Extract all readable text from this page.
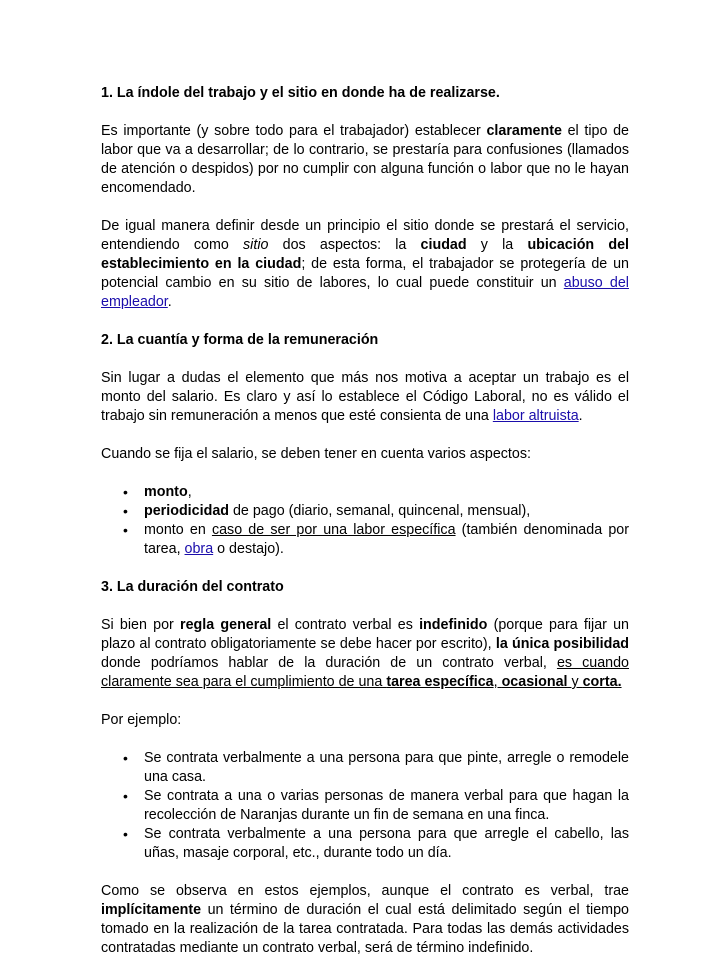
1. La índole del trabajo y el sitio en donde ha de realizarse.

Es importante (y sobre todo para el trabajador) establecer claramente el tipo de labor que va a desarrollar; de lo contrario, se prestaría para confusiones (llamados de atención o despidos) por no cumplir con alguna función o labor que no le hayan encomendado.

De igual manera definir desde un principio el sitio donde se prestará el servicio, entendiendo como sitio dos aspectos: la ciudad y la ubicación del establecimiento en la ciudad; de esta forma, el trabajador se protegería de un potencial cambio en su sitio de labores, lo cual puede constituir un abuso del empleador.

2. La cuantía y forma de la remuneración

Sin lugar a dudas el elemento que más nos motiva a aceptar un trabajo es el monto del salario. Es claro y así lo establece el Código Laboral, no es válido el trabajo sin remuneración a menos que esté consienta de una labor altruista.

Cuando se fija el salario, se deben tener en cuenta varios aspectos:

• monto,
• periodicidad de pago (diario, semanal, quincenal, mensual),
• monto en caso de ser por una labor específica (también denominada por tarea, obra o destajo).

3. La duración del contrato

Si bien por regla general el contrato verbal es indefinido (porque para fijar un plazo al contrato obligatoriamente se debe hacer por escrito), la única posibilidad donde podríamos hablar de la duración de un contrato verbal, es cuando claramente sea para el cumplimiento de una tarea específica, ocasional y corta.

Por ejemplo:

• Se contrata verbalmente a una persona para que pinte, arregle o remodele una casa.
• Se contrata a una o varias personas de manera verbal para que hagan la recolección de Naranjas durante un fin de semana en una finca.
• Se contrata verbalmente a una persona para que arregle el cabello, las uñas, masaje corporal, etc., durante todo un día.

Como se observa en estos ejemplos, aunque el contrato es verbal, trae implícitamente un término de duración el cual está delimitado según el tiempo tomado en la realización de la tarea contratada. Para todas las demás actividades contratadas mediante un contrato verbal, será de término indefinido.
